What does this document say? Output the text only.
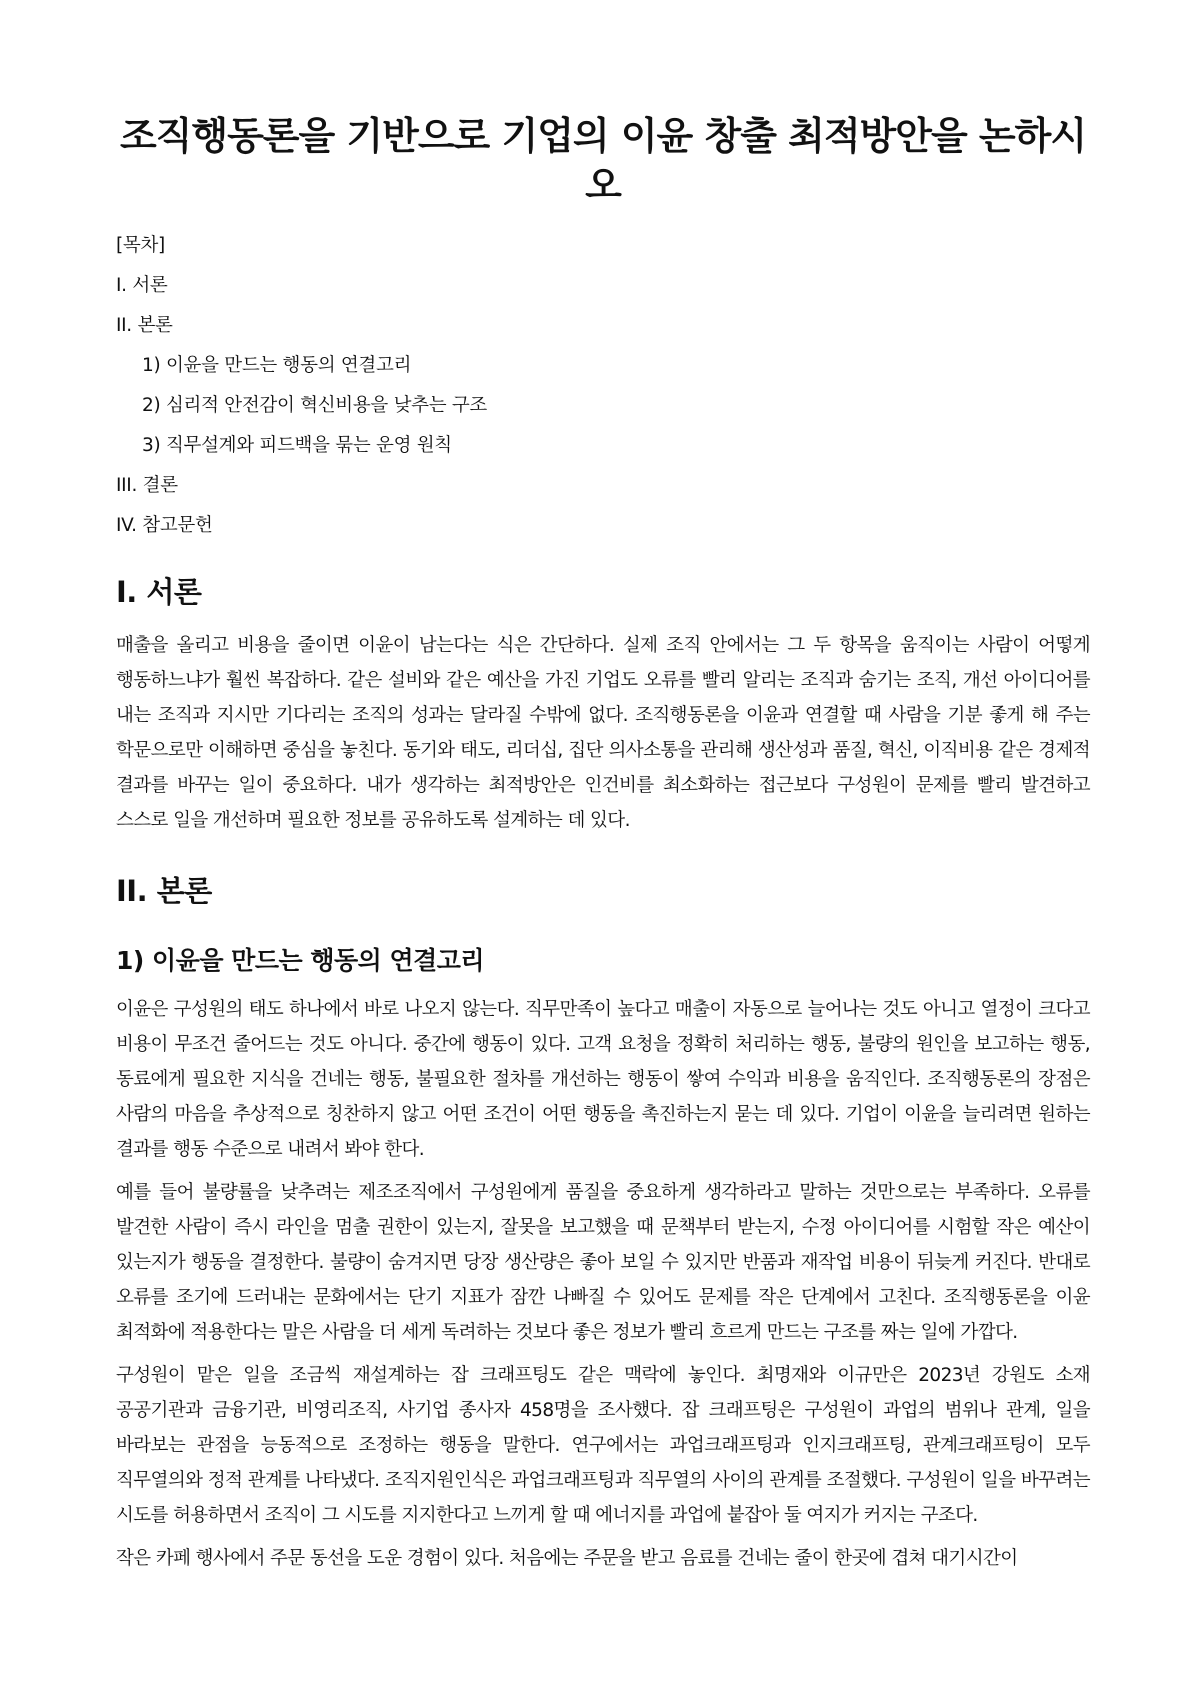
조직행동론을 기반으로 기업의 이윤 창출 최적방안을 논하시오
[목차]
I. 서론
II. 본론
1) 이윤을 만드는 행동의 연결고리
2) 심리적 안전감이 혁신비용을 낮추는 구조
3) 직무설계와 피드백을 묶는 운영 원칙
III. 결론
IV. 참고문헌
I. 서론

매출을 올리고 비용을 줄이면 이윤이 남는다는 식은 간단하다. 실제 조직 안에서는 그 두 항목을 움직이는 사람이 어떻게 행동하느냐가 훨씬 복잡하다. 같은 설비와 같은 예산을 가진 기업도 오류를 빨리 알리는 조직과 숨기는 조직, 개선 아이디어를 내는 조직과 지시만 기다리는 조직의 성과는 달라질 수밖에 없다. 조직행동론을 이윤과 연결할 때 사람을 기분 좋게 해 주는 학문으로만 이해하면 중심을 놓친다. 동기와 태도, 리더십, 집단 의사소통을 관리해 생산성과 품질, 혁신, 이직비용 같은 경제적 결과를 바꾸는 일이 중요하다. 내가 생각하는 최적방안은 인건비를 최소화하는 접근보다 구성원이 문제를 빨리 발견하고 스스로 일을 개선하며 필요한 정보를 공유하도록 설계하는 데 있다.

II. 본론
1) 이윤을 만드는 행동의 연결고리

이윤은 구성원의 태도 하나에서 바로 나오지 않는다. 직무만족이 높다고 매출이 자동으로 늘어나는 것도 아니고 열정이 크다고 비용이 무조건 줄어드는 것도 아니다. 중간에 행동이 있다. 고객 요청을 정확히 처리하는 행동, 불량의 원인을 보고하는 행동, 동료에게 필요한 지식을 건네는 행동, 불필요한 절차를 개선하는 행동이 쌓여 수익과 비용을 움직인다. 조직행동론의 장점은 사람의 마음을 추상적으로 칭찬하지 않고 어떤 조건이 어떤 행동을 촉진하는지 묻는 데 있다. 기업이 이윤을 늘리려면 원하는 결과를 행동 수준으로 내려서 봐야 한다.

예를 들어 불량률을 낮추려는 제조조직에서 구성원에게 품질을 중요하게 생각하라고 말하는 것만으로는 부족하다. 오류를 발견한 사람이 즉시 라인을 멈출 권한이 있는지, 잘못을 보고했을 때 문책부터 받는지, 수정 아이디어를 시험할 작은 예산이 있는지가 행동을 결정한다. 불량이 숨겨지면 당장 생산량은 좋아 보일 수 있지만 반품과 재작업 비용이 뒤늦게 커진다. 반대로 오류를 조기에 드러내는 문화에서는 단기 지표가 잠깐 나빠질 수 있어도 문제를 작은 단계에서 고친다. 조직행동론을 이윤 최적화에 적용한다는 말은 사람을 더 세게 독려하는 것보다 좋은 정보가 빨리 흐르게 만드는 구조를 짜는 일에 가깝다.

구성원이 맡은 일을 조금씩 재설계하는 잡 크래프팅도 같은 맥락에 놓인다. 최명재와 이규만은 2023년 강원도 소재 공공기관과 금융기관, 비영리조직, 사기업 종사자 458명을 조사했다. 잡 크래프팅은 구성원이 과업의 범위나 관계, 일을 바라보는 관점을 능동적으로 조정하는 행동을 말한다. 연구에서는 과업크래프팅과 인지크래프팅, 관계크래프팅이 모두 직무열의와 정적 관계를 나타냈다. 조직지원인식은 과업크래프팅과 직무열의 사이의 관계를 조절했다. 구성원이 일을 바꾸려는 시도를 허용하면서 조직이 그 시도를 지지한다고 느끼게 할 때 에너지를 과업에 붙잡아 둘 여지가 커지는 구조다.

작은 카페 행사에서 주문 동선을 도운 경험이 있다. 처음에는 주문을 받고 음료를 건네는 줄이 한곳에 겹쳐 대기시간이
